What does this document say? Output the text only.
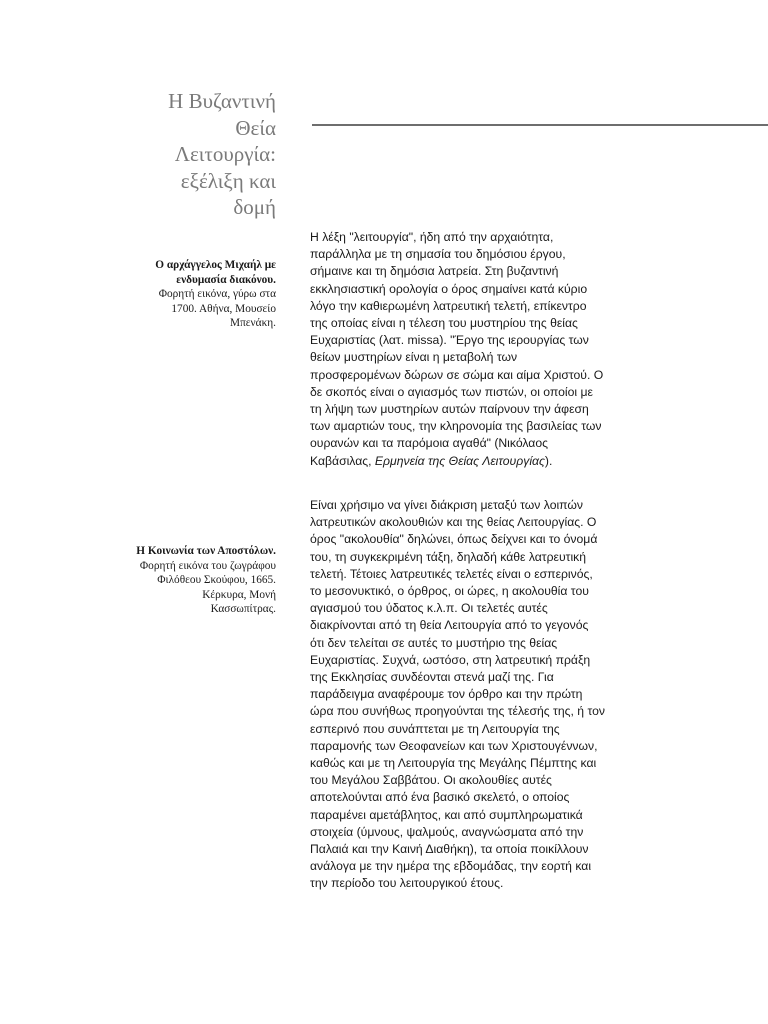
Η Βυζαντινή
Θεία
Λειτουργία:
εξέλιξη και
δομή
Ο αρχάγγελος Μιχαήλ με
ενδυμασία διακόνου.
Φορητή εικόνα, γύρω στα
1700. Αθήνα, Μουσείο
Μπενάκη.
Η Κοινωνία των Αποστόλων.
Φορητή εικόνα του ζωγράφου
Φιλόθεου Σκούφου, 1665.
Κέρκυρα, Μονή
Κασσωπίτρας.
Η λέξη "λειτουργία", ήδη από την αρχαιότητα,
παράλληλα με τη σημασία του δημόσιου έργου,
σήμαινε και τη δημόσια λατρεία. Στη βυζαντινή
εκκλησιαστική ορολογία ο όρος σημαίνει κατά κύριο
λόγο την καθιερωμένη λατρευτική τελετή, επίκεντρο
της οποίας είναι η τέλεση του μυστηρίου της θείας
Ευχαριστίας (λατ. missa). "Έργο της ιερουργίας των
θείων μυστηρίων είναι η μεταβολή των
προσφερομένων δώρων σε σώμα και αίμα Χριστού. Ο
δε σκοπός είναι ο αγιασμός των πιστών, οι οποίοι με
τη λήψη των μυστηρίων αυτών παίρνουν την άφεση
των αμαρτιών τους, την κληρονομία της βασιλείας των
ουρανών και τα παρόμοια αγαθά" (Νικόλαος
Καβάσιλας, Ερμηνεία της Θείας Λειτουργίας).
Είναι χρήσιμο να γίνει διάκριση μεταξύ των λοιπών
λατρευτικών ακολουθιών και της θείας Λειτουργίας. Ο
όρος "ακολουθία" δηλώνει, όπως δείχνει και το όνομά
του, τη συγκεκριμένη τάξη, δηλαδή κάθε λατρευτική
τελετή. Τέτοιες λατρευτικές τελετές είναι ο εσπερινός,
το μεσονυκτικό, ο όρθρος, οι ώρες, η ακολουθία του
αγιασμού του ύδατος κ.λ.π. Οι τελετές αυτές
διακρίνονται από τη θεία Λειτουργία από το γεγονός
ότι δεν τελείται σε αυτές το μυστήριο της θείας
Ευχαριστίας. Συχνά, ωστόσο, στη λατρευτική πράξη
της Εκκλησίας συνδέονται στενά μαζί της. Για
παράδειγμα αναφέρουμε τον όρθρο και την πρώτη
ώρα που συνήθως προηγούνται της τέλεσής της, ή τον
εσπερινό που συνάπτεται με τη Λειτουργία της
παραμονής των Θεοφανείων και των Χριστουγέννων,
καθώς και με τη Λειτουργία της Μεγάλης Πέμπτης και
του Μεγάλου Σαββάτου. Οι ακολουθίες αυτές
αποτελούνται από ένα βασικό σκελετό, ο οποίος
παραμένει αμετάβλητος, και από συμπληρωματικά
στοιχεία (ύμνους, ψαλμούς, αναγνώσματα από την
Παλαιά και την Καινή Διαθήκη), τα οποία ποικίλλουν
ανάλογα με την ημέρα της εβδομάδας, την εορτή και
την περίοδο του λειτουργικού έτους.
